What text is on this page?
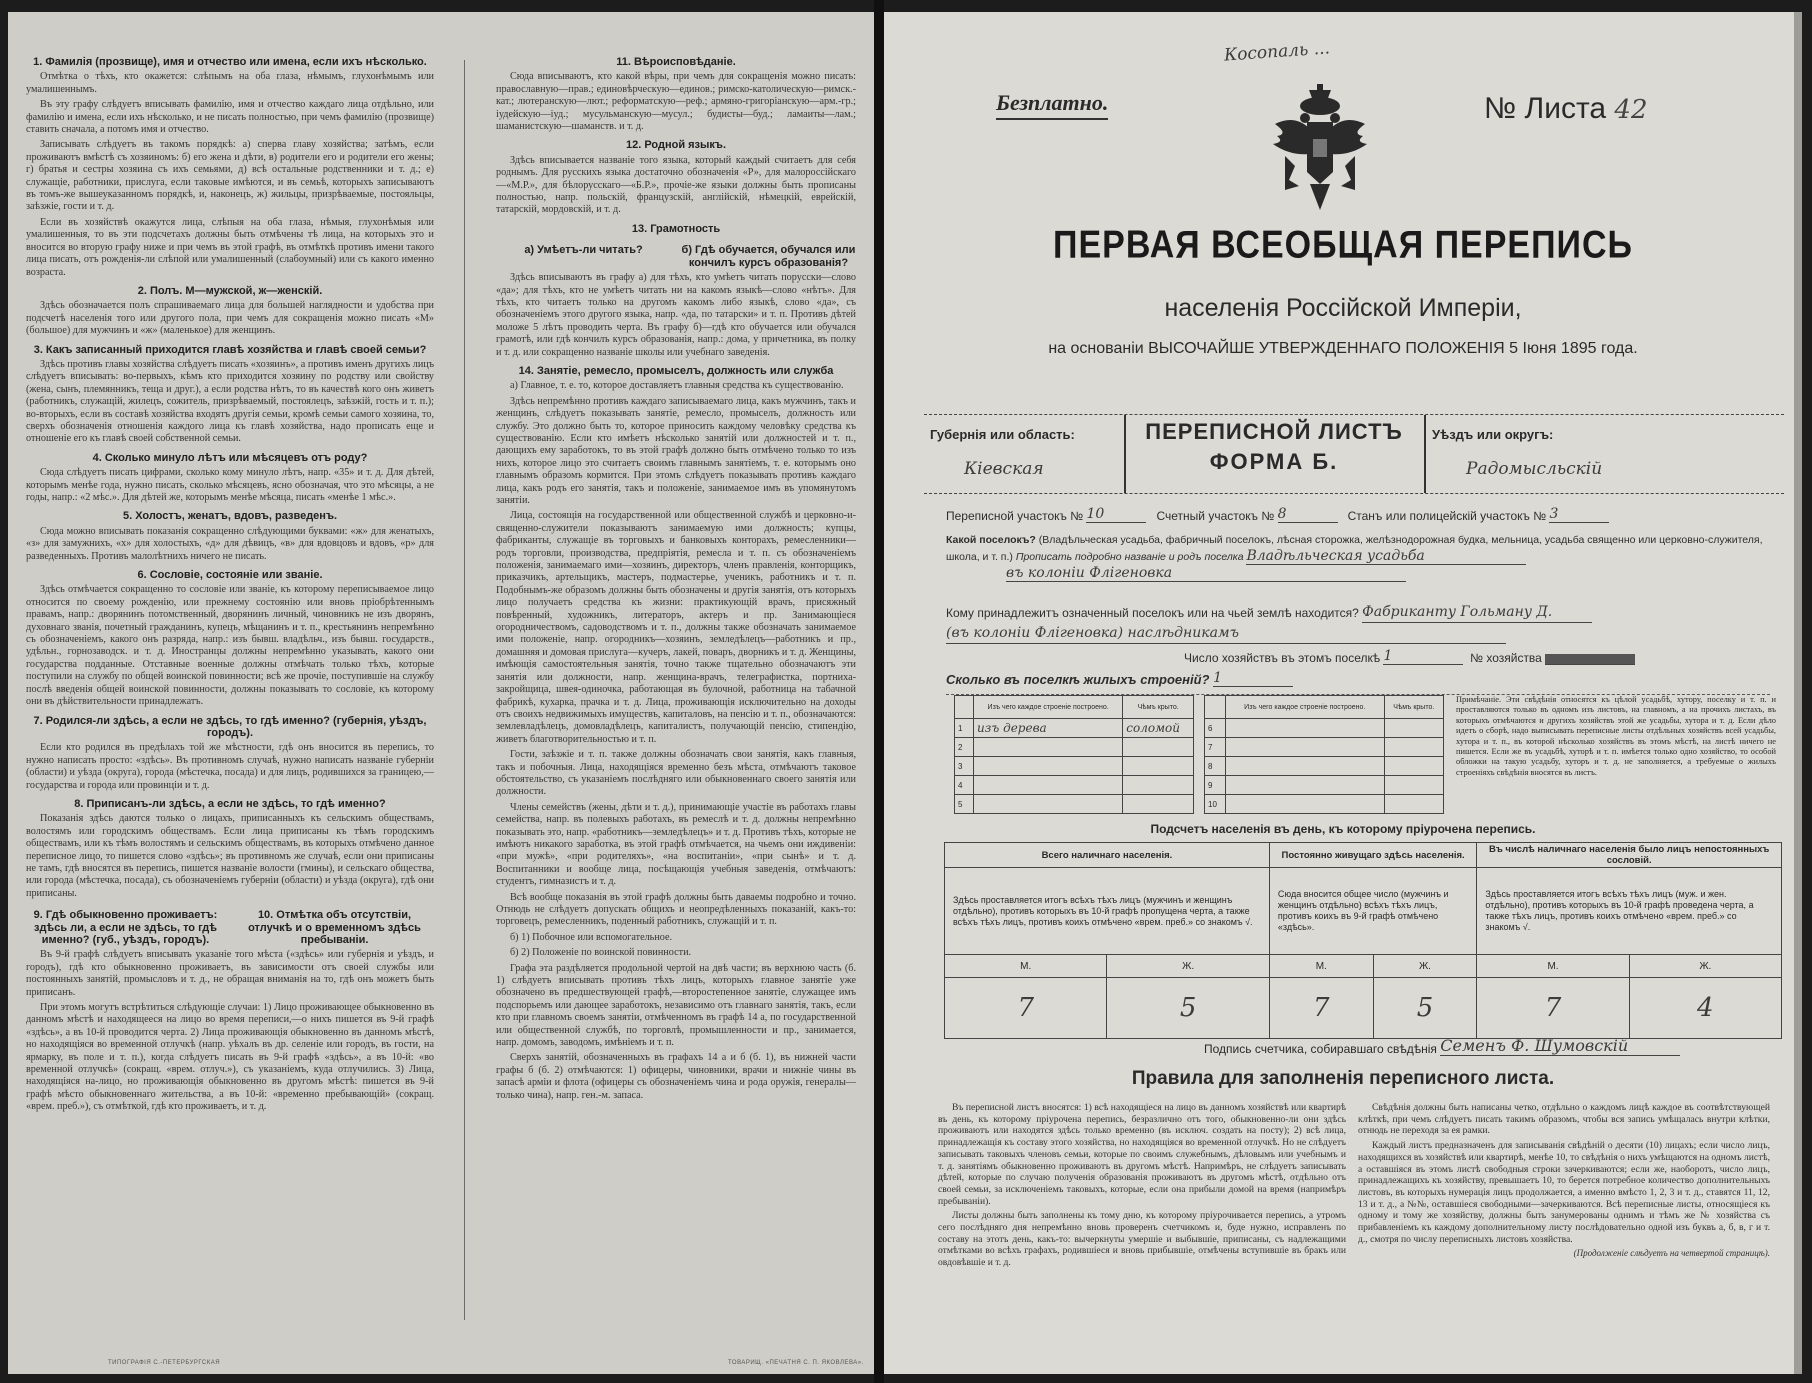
1. Фамилія (прозвище), имя и отчество или имена, если ихъ нѣсколько.

Отмѣтка о тѣхъ, кто окажется: слѣпымъ на оба глаза, нѣмымъ, глухонѣмымъ или умалишеннымъ.

Въ эту графу слѣдуетъ вписывать фамилію, имя и отчество каждаго лица отдѣльно, или фамилію и имена, если ихъ нѣсколько, и не писать полностью, при чемъ фамилію (прозвище) ставить сначала, а потомъ имя и отчество.

Записывать слѣдуетъ въ такомъ порядкѣ: а) сперва главу хозяйства; затѣмъ, если проживаютъ вмѣстѣ съ хозяиномъ: б) его жена и дѣти, в) родители его и родители его жены; г) братья и сестры хозяина съ ихъ семьями, д) всѣ остальные родственники и т. д.; е) служащіе, работники, прислуга, если таковые имѣются, и въ семьѣ, которыхъ записываютъ въ томъ-же вышеуказанномъ порядкѣ, и, наконецъ, ж) жильцы, призрѣваемые, постояльцы, заѣзжіе, гости и т. д.

Если въ хозяйствѣ окажутся лица, слѣпыя на оба глаза, нѣмыя, глухонѣмыя или умалишенныя, то въ эти подсчетахъ должны быть отмѣчены тѣ лица, на которыхъ это и вносится во вторую графу ниже и при чемъ въ этой графѣ, въ отмѣткѣ противъ имени такого лица писать, отъ рожденія-ли слѣпой или умалишенный (слабоумный) или съ какого именно возраста.

2. Полъ. М—мужской, ж—женскій.

Здѣсь обозначается полъ спрашиваемаго лица для большей наглядности и удобства при подсчетѣ населенія того или другого пола, при чемъ для сокращенія можно писать «М» (большое) для мужчинъ и «ж» (маленькое) для женщинъ.

3. Какъ записанный приходится главѣ хозяйства и главѣ своей семьи?

Здѣсь противъ главы хозяйства слѣдуетъ писать «хозяинъ», а противъ именъ другихъ лицъ слѣдуетъ вписывать: во-первыхъ, кѣмъ кто приходится хозяину по родству или свойству (жена, сынъ, племянникъ, теща и друг.), а если родства нѣтъ, то въ качествѣ кого онъ живетъ (работникъ, служащій, жилецъ, сожитель, призрѣваемый, постоялецъ, заѣзжій, гость и т. п.); во-вторыхъ, если въ составѣ хозяйства входятъ другія семьи, кромѣ семьи самого хозяина, то, сверхъ обозначенія отношенія каждого лица къ главѣ хозяйства, надо прописать еще и отношеніе его къ главѣ своей собственной семьи.

4. Сколько минуло лѣтъ или мѣсяцевъ отъ роду?

Сюда слѣдуетъ писать цифрами, сколько кому минуло лѣтъ, напр. «35» и т. д. Для дѣтей, которымъ менѣе года, нужно писать, сколько мѣсяцевъ, ясно обозначая, что это мѣсяцы, а не годы, напр.: «2 мѣс.». Для дѣтей же, которымъ менѣе мѣсяца, писать «менѣе 1 мѣс.».

5. Холостъ, женатъ, вдовъ, разведенъ.

Сюда можно вписывать показанія сокращенно слѣдующими буквами: «ж» для женатыхъ, «з» для замужнихъ, «х» для холостыхъ, «д» для дѣвицъ, «в» для вдовцовъ и вдовъ, «р» для разведенныхъ. Противъ малолѣтнихъ ничего не писать.

6. Сословіе, состояніе или званіе.

Здѣсь отмѣчается сокращенно то сословіе или званіе, къ которому переписываемое лицо относится по своему рожденію, или прежнему состоянію или вновь пріобрѣтеннымъ правамъ, напр.: дворянинъ потомственный, дворянинъ личный, чиновникъ не изъ дворянъ, духовнаго званія, почетный гражданинъ, купецъ, мѣщанинъ и т. п., крестьянинъ непремѣнно съ обозначеніемъ, какого онъ разряда, напр.: изъ бывш. владѣльч., изъ бывш. государств., удѣльн., горнозаводск. и т. д. Иностранцы должны непремѣнно указывать, какого они государства подданные. Отставные военные должны отмѣчать только тѣхъ, которые поступили на службу по общей воинской повинности; всѣ же прочіе, поступившіе на службу послѣ введенія общей воинской повинности, должны показывать то сословіе, къ которому они въ дѣйствительности принадлежатъ.

7. Родился-ли здѣсь, а если не здѣсь, то гдѣ именно? (губернія, уѣздъ, городъ).

Если кто родился въ предѣлахъ той же мѣстности, гдѣ онъ вносится въ перепись, то нужно написать просто: «здѣсь». Въ противномъ случаѣ, нужно написать названіе губерніи (области) и уѣзда (округа), города (мѣстечка, посада) и для лицъ, родившихся за границею,—государства и города или провинціи и т. д.

8. Приписанъ-ли здѣсь, а если не здѣсь, то гдѣ именно?

Показанія здѣсь даются только о лицахъ, приписанныхъ къ сельскимъ обществамъ, волостямъ или городскимъ обществамъ. Если лица приписаны къ тѣмъ городскимъ обществамъ, или къ тѣмъ волостямъ и сельскимъ обществамъ, въ которыхъ отмѣчено данное переписное лицо, то пишется слово «здѣсь»; въ противномъ же случаѣ, если они приписаны не тамъ, гдѣ вносятся въ перепись, пишется названіе волости (гмины), и сельскаго общества, или города (мѣстечка, посада), съ обозначеніемъ губерніи (области) и уѣзда (округа), гдѣ они приписаны.

9. Гдѣ обыкновенно проживаетъ: здѣсь ли, а если не здѣсь, то гдѣ именно? (губ., уѣздъ, городъ).
10. Отмѣтка объ отсутствіи, отлучкѣ и о временномъ здѣсь пребываніи.

Въ 9-й графѣ слѣдуетъ вписывать указаніе того мѣста («здѣсь» или губернія и уѣздъ, и городъ), гдѣ кто обыкновенно проживаетъ, въ зависимости отъ своей службы или постоянныхъ занятій, промысловъ и т. д., не обращая вниманія на то, гдѣ онъ можетъ быть приписанъ.

При этомъ могутъ встрѣтиться слѣдующіе случаи: 1) Лицо проживающее обыкновенно въ данномъ мѣстѣ и находящееся на лицо во время переписи,—о нихъ пишется въ 9-й графѣ «здѣсь», а въ 10-й проводится черта. 2) Лица проживающія обыкновенно въ данномъ мѣстѣ, но находящіяся во временной отлучкѣ (напр. уѣхалъ въ др. селеніе или городъ, въ гости, на ярмарку, въ поле и т. п.), когда слѣдуетъ писать въ 9-й графѣ «здѣсь», а въ 10-й: «во временной отлучкѣ» (сокращ. «врем. отлуч.»), съ указаніемъ, куда отлучились. 3) Лица, находящіяся на-лицо, но проживающія обыкновенно въ другомъ мѣстѣ: пишется въ 9-й графѣ мѣсто обыкновеннаго жительства, а въ 10-й: «временно пребывающій» (сокращ. «врем. преб.»), съ отмѣткой, гдѣ кто проживаетъ, и т. д.

11. Вѣроисповѣданіе.

Сюда вписываютъ, кто какой вѣры, при чемъ для сокращенія можно писать: православную—прав.; единовѣрческую—единов.; римско-католическую—римск.-кат.; лютеранскую—лют.; реформатскую—реф.; армяно-григоріанскую—арм.-гр.; іудейскую—іуд.; мусульманскую—мусул.; будисты—буд.; ламаиты—лам.; шаманистскую—шаманств. и т. д.

12. Родной языкъ.

Здѣсь вписывается названіе того языка, который каждый считаетъ для себя роднымъ. Для русскихъ языка достаточно обозначенія «Р», для малороссійскаго—«М.Р.», для бѣлорусскаго—«Б.Р.», прочіе-же языки должны быть прописаны полностью, напр. польскій, французскій, англійскій, нѣмецкій, еврейскій, татарскій, мордовскій, и т. д.

13. Грамотность
а) Умѣетъ-ли читать?	б) Гдѣ обучается, обучался или кончилъ курсъ образованія?

Здѣсь вписываютъ въ графу а) для тѣхъ, кто умѣетъ читать порусски—слово «да»; для тѣхъ, кто не умѣетъ читать ни на какомъ языкѣ—слово «нѣтъ». Для тѣхъ, кто читаетъ только на другомъ какомъ либо языкѣ, слово «да», съ обозначеніемъ этого другого языка, напр. «да, по татарски» и т. п. Противъ дѣтей моложе 5 лѣтъ проводить черта. Въ графу б)—гдѣ кто обучается или обучался грамотѣ, или гдѣ кончилъ курсъ образованія, напр.: дома, у причетника, въ полку и т. д. или сокращенно названіе школы или учебнаго заведенія.

14. Занятіе, ремесло, промыселъ, должность или служба

а) Главное, т. е. то, которое доставляетъ главныя средства къ существованію.

Здѣсь непремѣнно противъ каждаго записываемаго лица, какъ мужчинъ, такъ и женщинъ, слѣдуетъ показывать занятіе, ремесло, промыселъ, должность или службу. Это должно быть то, которое приносить каждому человѣку средства къ существованію. Если кто имѣетъ нѣсколько занятій или должностей и т. п., дающихъ ему заработокъ, то въ этой графѣ должно быть отмѣчено только то изъ нихъ, которое лицо это считаетъ своимъ главнымъ занятіемъ, т. е. которымъ оно главнымъ образомъ кормится. При этомъ слѣдуетъ показывать противъ каждаго лица, какъ родъ его занятія, такъ и положеніе, занимаемое имъ въ упомянутомъ занятіи.

Лица, состоящія на государственной или общественной службѣ и церковно-и-священно-служители показываютъ занимаемую ими должность; купцы, фабриканты, служащіе въ торговыхъ и банковыхъ конторахъ, ремесленники—родъ торговли, производства, предпріятія, ремесла и т. п. съ обозначеніемъ положенія, занимаемаго ими—хозяинъ, директоръ, членъ правленія, конторщикъ, приказчикъ, артельщикъ, мастеръ, подмастерье, ученикъ, работникъ и т. п. Подобнымъ-же образомъ должны быть обозначены и другія занятія, отъ которыхъ лицо получаетъ средства къ жизни: практикующій врачъ, присяжный повѣренный, художникъ, литераторъ, актеръ и пр. Занимающіеся огородничествомъ, садоводствомъ и т. п., должны также обозначать занимаемое ими положеніе, напр. огородникъ—хозяинъ, земледѣлецъ—работникъ и пр., домашняя и домовая прислуга—кучеръ, лакей, поваръ, дворникъ и т. д. Женщины, имѣющія самостоятельныя занятія, точно также тщательно обозначаютъ эти занятія или должности, напр. женщина-врачъ, телеграфистка, портниха-закройщица, швея-одиночка, работающая въ булочной, работница на табачной фабрикѣ, кухарка, прачка и т. д. Лица, проживающія исключительно на доходы отъ своихъ недвижимыхъ имуществъ, капиталовъ, на пенсію и т. п., обозначаются: землевладѣлецъ, домовладѣлецъ, капиталистъ, получающій пенсію, стипендію, живетъ благотворительностью и т. п.

Гости, заѣзжіе и т. п. также должны обозначать свои занятія, какъ главныя, такъ и побочныя. Лица, находящіяся временно безъ мѣста, отмѣчаютъ таковое обстоятельство, съ указаніемъ послѣдняго или обыкновеннаго своего занятія или должности.

Члены семействъ (жены, дѣти и т. д.), принимающіе участіе въ работахъ главы семейства, напр. въ полевыхъ работахъ, въ ремеслѣ и т. д. должны непремѣнно показывать это, напр. «работникъ—земледѣлецъ» и т. д. Противъ тѣхъ, которые не имѣютъ никакого заработка, въ этой графѣ отмѣчается, на чьемъ они иждивеніи: «при мужѣ», «при родителяхъ», «на воспитаніи», «при сынѣ» и т. д. Воспитанники и вообще лица, посѣщающія учебныя заведенія, отмѣчаютъ: студентъ, гимназистъ и т. д.

Всѣ вообще показанія въ этой графѣ должны быть даваемы подробно и точно. Отнюдь не слѣдуетъ допускать общихъ и неопредѣленныхъ показаній, какъ-то: торговецъ, ремесленникъ, поденный работникъ, служащій и т. п.

б) 1) Побочное или вспомогательное.

б) 2) Положеніе по воинской повинности.

Графа эта раздѣляется продольной чертой на двѣ части; въ верхнюю часть (б. 1) слѣдуетъ вписывать противъ тѣхъ лицъ, которыхъ главное занятіе уже обозначено въ предшествующей графѣ,—второстепенное занятіе, служащее имъ подспорьемъ или дающее заработокъ, независимо отъ главнаго занятія, такъ, если кто при главномъ своемъ занятіи, отмѣченномъ въ графѣ 14 а, по государственной или общественной службѣ, по торговлѣ, промышленности и пр., занимается, напр. домомъ, заводомъ, имѣніемъ и т. п.

Сверхъ занятій, обозначенныхъ въ графахъ 14 а и б (б. 1), въ нижней части графы б (б. 2) отмѣчаются: 1) офицеры, чиновники, врачи и нижніе чины въ запасѣ арміи и флота (офицеры съ обозначеніемъ чина и рода оружія, генералы—только чина), напр. ген.-м. запаса.

ТИПОГРАФІЯ С.-ПЕТЕРБУРГСКАЯ	ТОВАРИЩ. «ПЕЧАТНЯ С. П. ЯКОВЛЕВА».
Косопаль ...
Безплатно.	№ Листа 42
ПЕРВАЯ ВСЕОБЩАЯ ПЕРЕПИСЬ
населенія Россійской Имперіи,
на основаніи ВЫСОЧАЙШЕ УТВЕРЖДЕННАГО ПОЛОЖЕНІЯ 5 Іюня 1895 года.
Губернія или область:
Кіевская
ПЕРЕПИСНОЙ ЛИСТЪ
ФОРМА Б.
Уѣздъ или округъ:
Радомысльскій
Переписной участокъ № 10	Счетный участокъ № 8	Станъ или полицейскій участокъ № 3
Какой поселокъ? (Владѣльческая усадьба, фабричный поселокъ, лѣсная сторожка, желѣзнодорожная будка, мельница, усадьба священно или церковно-служителя, школа, и т. п.) Прописать подробно названіе и родъ поселка Владѣльческая усадьба
въ колоніи Флігеновка
Кому принадлежитъ означенный поселокъ или на чьей землѣ находится? Фабриканту Гольману Д.
(въ колоніи Флігеновка) наслѣдникамъ
Число хозяйствъ въ этомъ поселкѣ 1	№ хозяйства
Сколько въ поселкѣ жилыхъ строеній? 1
	Изъ чего каждое строеніе построено.	Чѣмъ крыто.
1	изъ дерева	соломой
2		
3		
4		
5		
	Изъ чего каждое строеніе построено.	Чѣмъ крыто.
6		
7		
8		
9		
10		
Примѣчаніе. Эти свѣдѣнія относятся къ цѣлой усадьбѣ, хутору, поселку и т. п. и проставляются только въ одномъ изъ листовъ, на главномъ, а на прочихъ листахъ, въ которыхъ отмѣчаются и другихъ хозяйствъ этой же усадьбы, хутора и т. д. Если дѣло идетъ о сборѣ, надо выписывать переписные листы отдѣльных хозяйствъ всей усадьбы, хутора и т. п., въ которой нѣсколько хозяйствъ въ этомъ мѣстѣ, на листѣ ничего не пишется. Если же въ усадьбѣ, хуторѣ и т. п. имѣется только одно хозяйство, то особой обложки на такую усадьбу, хуторъ и т. д. не заполняется, а требуемые о жилыхъ строеніяхъ свѣдѣнія вносятся въ листъ.
Подсчетъ населенія въ день, къ которому пріурочена перепись.
Всего наличнаго населенія.		Постоянно живущаго здѣсь населенія.		Въ числѣ наличнаго населенія было лицъ непостоянныхъ сословій.	
Здѣсь проставляется итогъ всѣхъ тѣхъ лицъ (мужчинъ и женщинъ отдѣльно), противъ которыхъ въ 10-й графѣ пропущена черта, а также всѣхъ тѣхъ лицъ, противъ коихъ отмѣчено «врем. преб.» со знакомъ √.		Сюда вносится общее число (мужчинъ и женщинъ отдѣльно) всѣхъ тѣхъ лицъ, противъ коихъ въ 9-й графѣ отмѣчено «здѣсь».		Здѣсь проставляется итогъ всѣхъ тѣхъ лицъ (муж. и жен. отдѣльно), противъ которыхъ въ 10-й графѣ проведена черта, а также тѣхъ лицъ, противъ коихъ отмѣчено «врем. преб.» со знакомъ √.	
М.	Ж.	М.	Ж.	М.	Ж.
7	5	7	5	7	4
Подпись счетчика, собиравшаго свѣдѣнія Семенъ Ф. Шумовскій
Правила для заполненія переписного листа.

Въ переписной листъ вносятся: 1) всѣ находящіеся на лицо въ данномъ хозяйствѣ или квартирѣ въ день, къ которому пріурочена перепись, безразлично отъ того, обыкновенно-ли они здѣсь проживаютъ или находятся здѣсь только временно (въ исключ. создать на посту); 2) всѣ лица, принадлежащія къ составу этого хозяйства, но находящіяся во временной отлучкѣ. Но не слѣдуетъ записывать таковыхъ членовъ семьи, которые по своимъ служебнымъ, дѣловымъ или учебнымъ и т. д. занятіямъ обыкновенно проживаютъ въ другомъ мѣстѣ. Напримѣръ, не слѣдуетъ записывать дѣтей, которые по случаю полученія образованія проживаютъ въ другомъ мѣстѣ, отдѣльно отъ своей семьи, за исключеніемъ таковыхъ, которые, если она прибыли домой на время (напримѣръ пребываніи).

Листы должны быть заполнены къ тому дню, къ которому пріурочивается перепись, а утромъ сего послѣдняго дня непремѣнно вновь проверенъ счетчикомъ и, буде нужно, исправленъ по составу на этотъ день, какъ-то: вычеркнуты умершіе и выбывшіе, приписаны, съ надлежащими отмѣтками во всѣхъ графахъ, родившіеся и вновь прибывшіе, отмѣчены вступившіе въ бракъ или овдовѣвшіе и т. д.

Свѣдѣнія должны быть написаны четко, отдѣльно о каждомъ лицѣ каждое въ соотвѣтствующей клѣткѣ, при чемъ слѣдуетъ писать такимъ образомъ, чтобы вся запись умѣщалась внутри клѣтки, отнюдь не переходя за ея рамки.

Каждый листъ предназначенъ для записыванія свѣдѣній о десяти (10) лицахъ; если число лицъ, находящихся въ хозяйствѣ или квартирѣ, менѣе 10, то свѣдѣнія о нихъ умѣщаются на одномъ листѣ, а оставшіяся въ этомъ листѣ свободныя строки зачеркиваются; если же, наоборотъ, число лицъ, принадлежащихъ къ хозяйству, превышаетъ 10, то берется потребное количество дополнительныхъ листовъ, въ которыхъ нумерація лицъ продолжается, а именно вмѣсто 1, 2, 3 и т. д., ставятся 11, 12, 13 и т. д., а №№, оставшіеся свободными—зачеркиваются. Всѣ переписные листы, относящіеся къ одному и тому же хозяйству, должны быть занумерованы однимъ и тѣмъ же № хозяйства съ прибавленіемъ къ каждому дополнительному листу послѣдовательно одной изъ буквъ а, б, в, г и т. д., смотря по числу переписныхъ листовъ хозяйства.

(Продолженіе слѣдуетъ на четвертой страницѣ).
